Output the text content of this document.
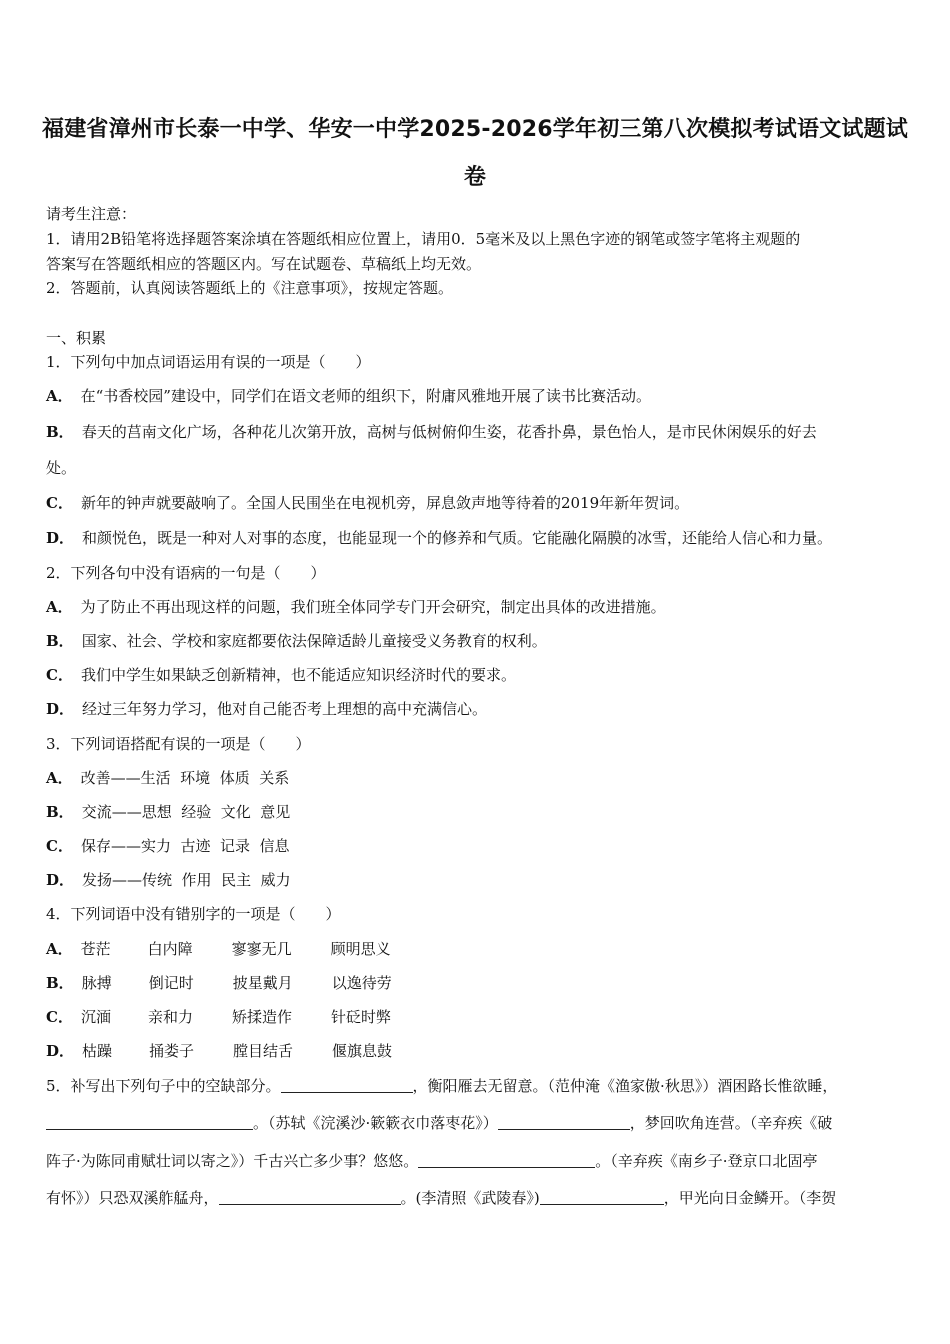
福建省漳州市长泰一中学、华安一中学2025-2026学年初三第八次模拟考试语文试题试
卷
请考生注意：
1．请用2B铅笔将选择题答案涂填在答题纸相应位置上，请用0．5毫米及以上黑色字迹的钢笔或签字笔将主观题的
答案写在答题纸相应的答题区内。写在试题卷、草稿纸上均无效。
2．答题前，认真阅读答题纸上的《注意事项》，按规定答题。
一、积累
1．下列句中加点词语运用有误的一项是（　　）
A． 在“书香校园”建设中，同学们在语文老师的组织下，附庸风雅地开展了读书比赛活动。
B． 春天的莒南文化广场，各种花儿次第开放，高树与低树俯仰生姿，花香扑鼻，景色怡人，是市民休闲娱乐的好去
处。
C． 新年的钟声就要敲响了。全国人民围坐在电视机旁，屏息敛声地等待着的2019年新年贺词。
D． 和颜悦色，既是一种对人对事的态度，也能显现一个的修养和气质。它能融化隔膜的冰雪，还能给人信心和力量。
2．下列各句中没有语病的一句是（　　）
A． 为了防止不再出现这样的问题，我们班全体同学专门开会研究，制定出具体的改进措施。
B． 国家、社会、学校和家庭都要依法保障适龄儿童接受义务教育的权利。
C． 我们中学生如果缺乏创新精神，也不能适应知识经济时代的要求。
D． 经过三年努力学习，他对自己能否考上理想的高中充满信心。
3．下列词语搭配有误的一项是（　　）
A． 改善——生活  环境  体质  关系
B． 交流——思想  经验  文化  意见
C． 保存——实力  古迹  记录  信息
D． 发扬——传统  作用  民主  威力
4．下列词语中没有错别字的一项是（　　）
A． 苍茫 白内障	寥寥无几	顾明思义
B． 脉搏 倒记时	披星戴月	以逸待劳
C． 沉湎 亲和力	矫揉造作	针砭时弊
D． 枯躁 捅娄子	膛目结舌	偃旗息鼓
5．补写出下列句子中的空缺部分。	，衡阳雁去无留意。（范仲淹《渔家傲·秋思》）酒困路长惟欲睡，
。（苏轼《浣溪沙·簌簌衣巾落枣花》）	，梦回吹角连营。（辛弃疾《破
阵子·为陈同甫赋壮词以寄之》）千古兴亡多少事？悠悠。	。（辛弃疾《南乡子·登京口北固亭
有怀》）只恐双溪舴艋舟，	。(李清照《武陵春》)	，甲光向日金鳞开。（李贺
